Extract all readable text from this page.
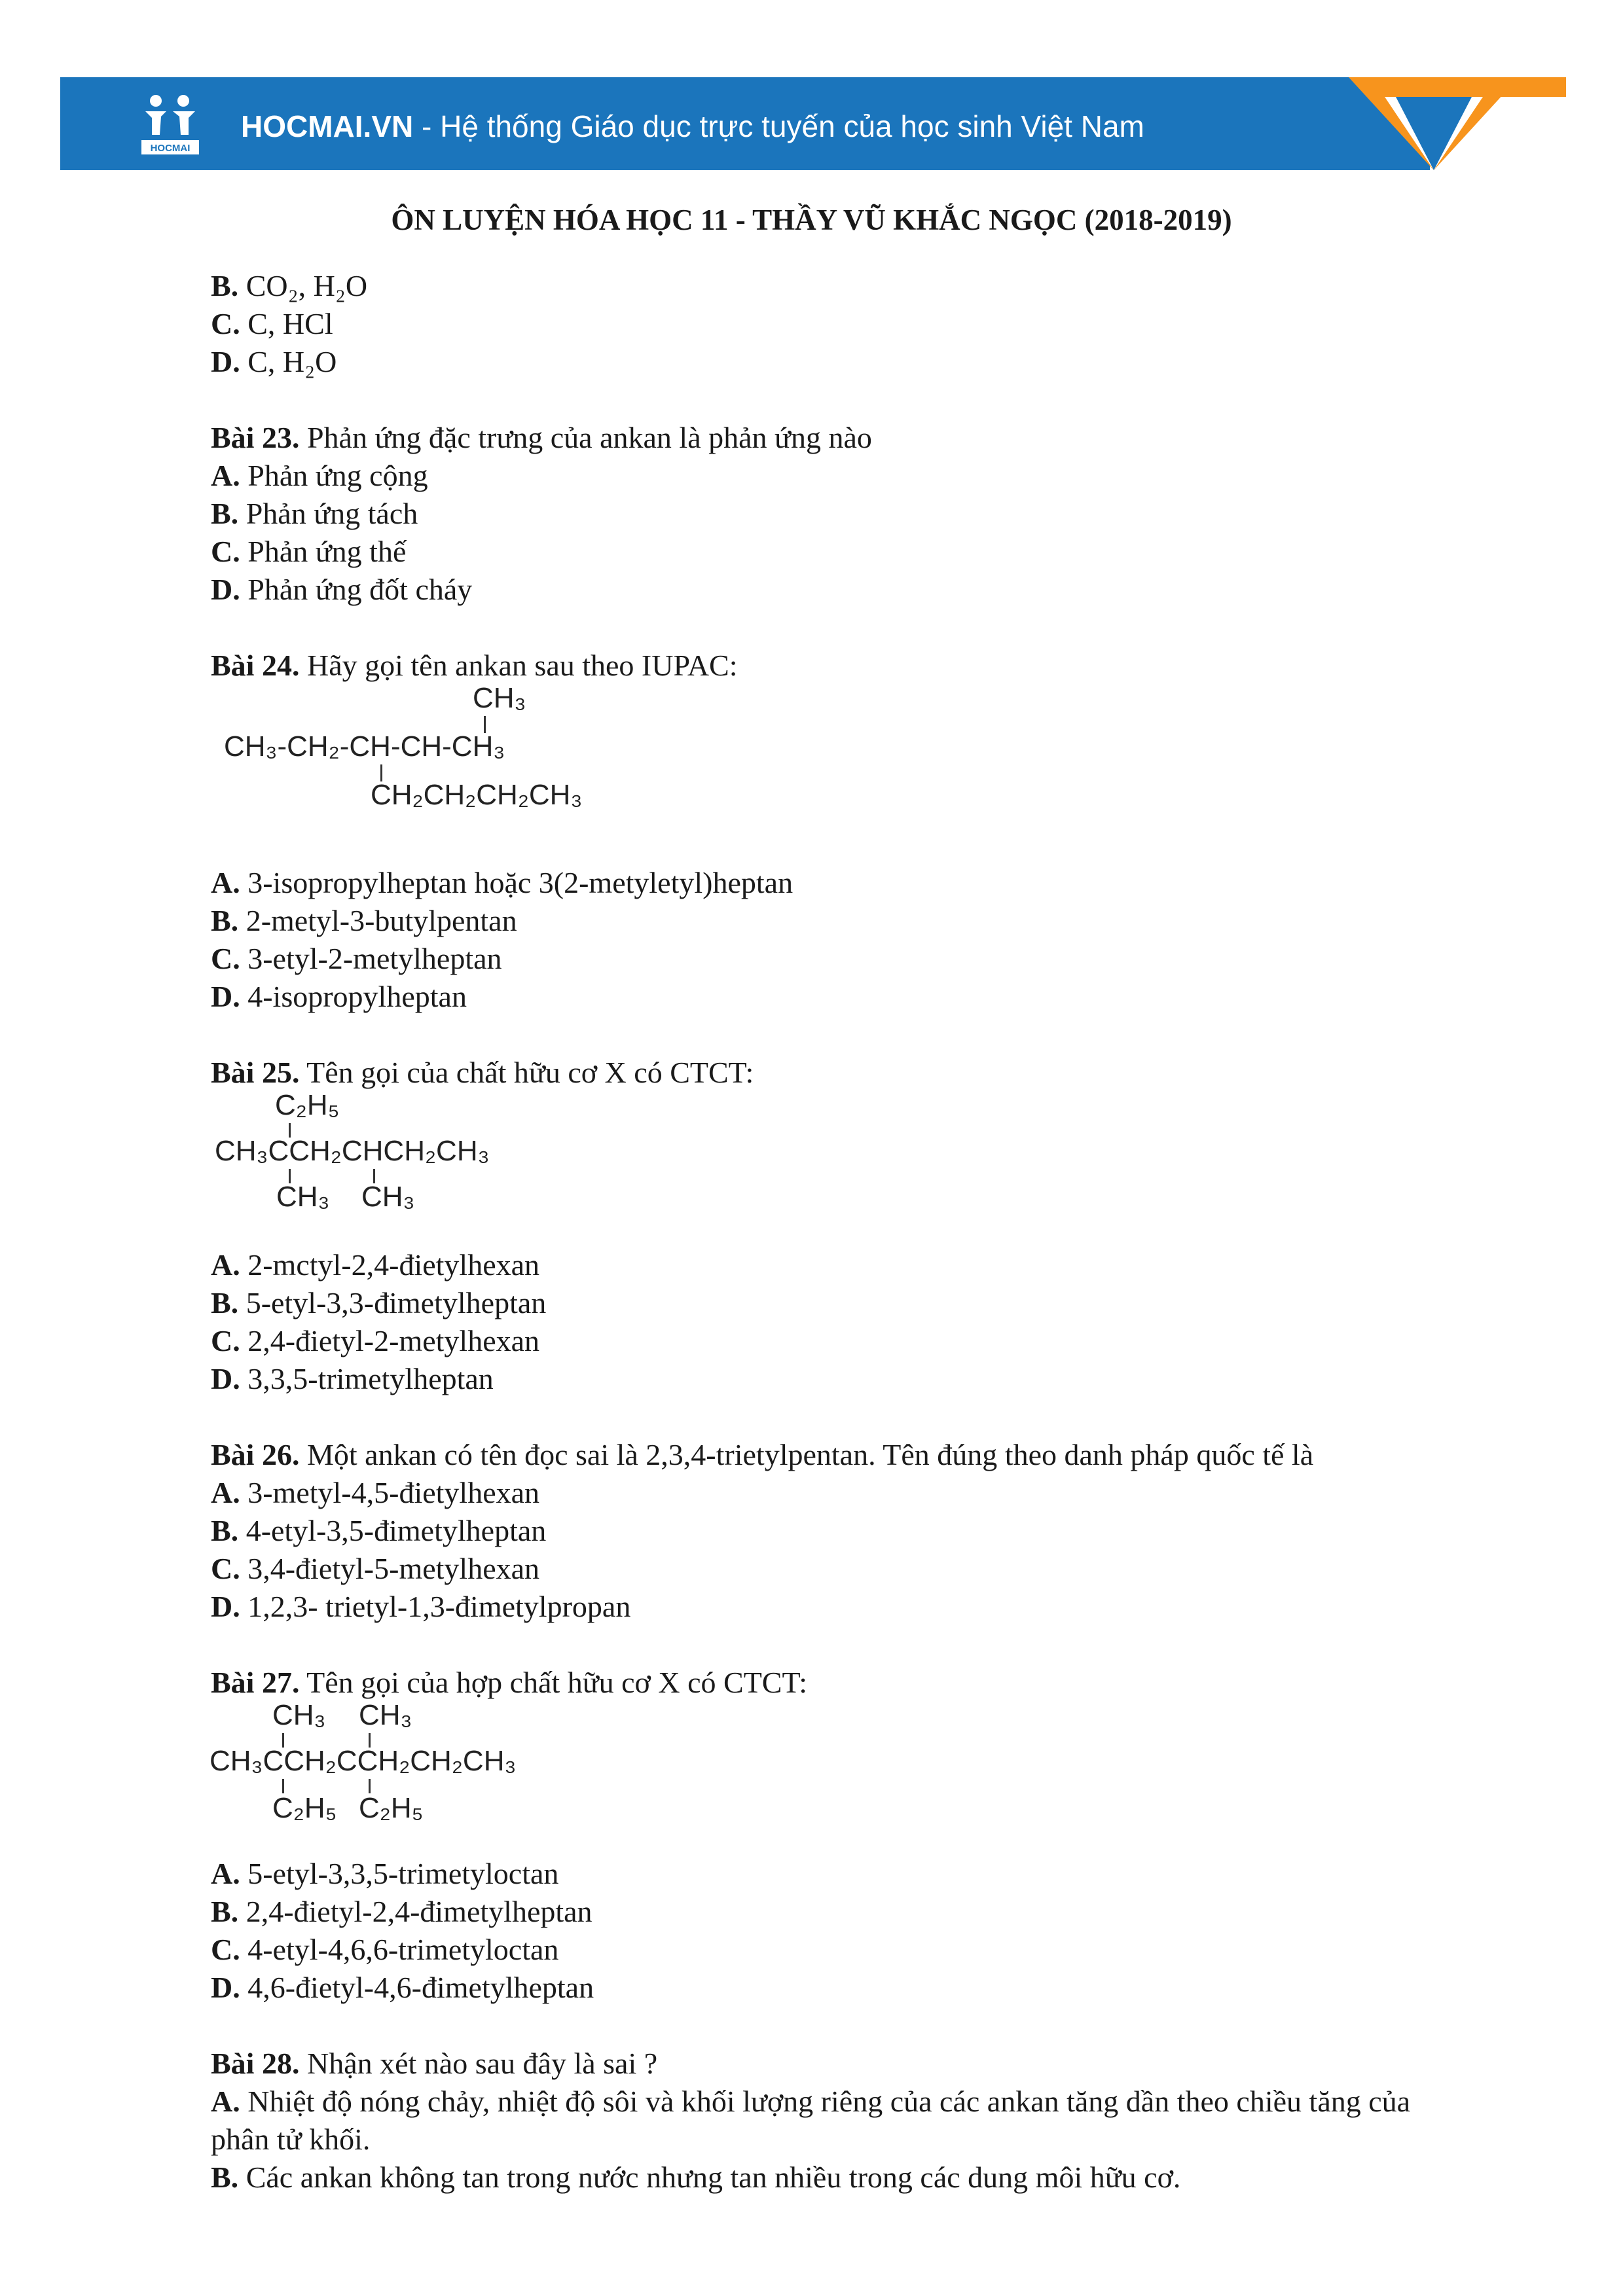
HOCMAI
HOCMAI.VN - Hệ thống Giáo dục trực tuyến của học sinh Việt Nam
ÔN LUYỆN HÓA HỌC 11 - THẦY VŨ KHẮC NGỌC (2018-2019)
B. CO₂, H₂O
C. C, HCl
D. C, H₂O
Bài 23. Phản ứng đặc trưng của ankan là phản ứng nào
A. Phản ứng cộng
B. Phản ứng tách
C. Phản ứng thế
D. Phản ứng đốt cháy
Bài 24. Hãy gọi tên ankan sau theo IUPAC:
CH₃
CH₃-CH₂-CH-CH-CH₃
CH₂CH₂CH₂CH₃
A. 3-isopropylheptan hoặc 3(2-metyletyl)heptan
B. 2-metyl-3-butylpentan
C. 3-etyl-2-metylheptan
D. 4-isopropylheptan
Bài 25. Tên gọi của chất hữu cơ X có CTCT:
C₂H₅
CH₃CCH₂CHCH₂CH₃
CH₃ CH₃
A. 2-mctyl-2,4-đietylhexan
B. 5-etyl-3,3-đimetylheptan
C. 2,4-đietyl-2-metylhexan
D. 3,3,5-trimetylheptan
Bài 26. Một ankan có tên đọc sai là 2,3,4-trietylpentan. Tên đúng theo danh pháp quốc tế là
A. 3-metyl-4,5-đietylhexan
B. 4-etyl-3,5-đimetylheptan
C. 3,4-đietyl-5-metylhexan
D. 1,2,3- trietyl-1,3-đimetylpropan
Bài 27. Tên gọi của hợp chất hữu cơ X có CTCT:
CH₃ CH₃
CH₃CCH₂CCH₂CH₂CH₃
C₂H₅ C₂H₅
A. 5-etyl-3,3,5-trimetyloctan
B. 2,4-đietyl-2,4-đimetylheptan
C. 4-etyl-4,6,6-trimetyloctan
D. 4,6-đietyl-4,6-đimetylheptan
Bài 28. Nhận xét nào sau đây là sai ?
A. Nhiệt độ nóng chảy, nhiệt độ sôi và khối lượng riêng của các ankan tăng dần theo chiều tăng của phân tử khối.
B. Các ankan không tan trong nước nhưng tan nhiều trong các dung môi hữu cơ.
